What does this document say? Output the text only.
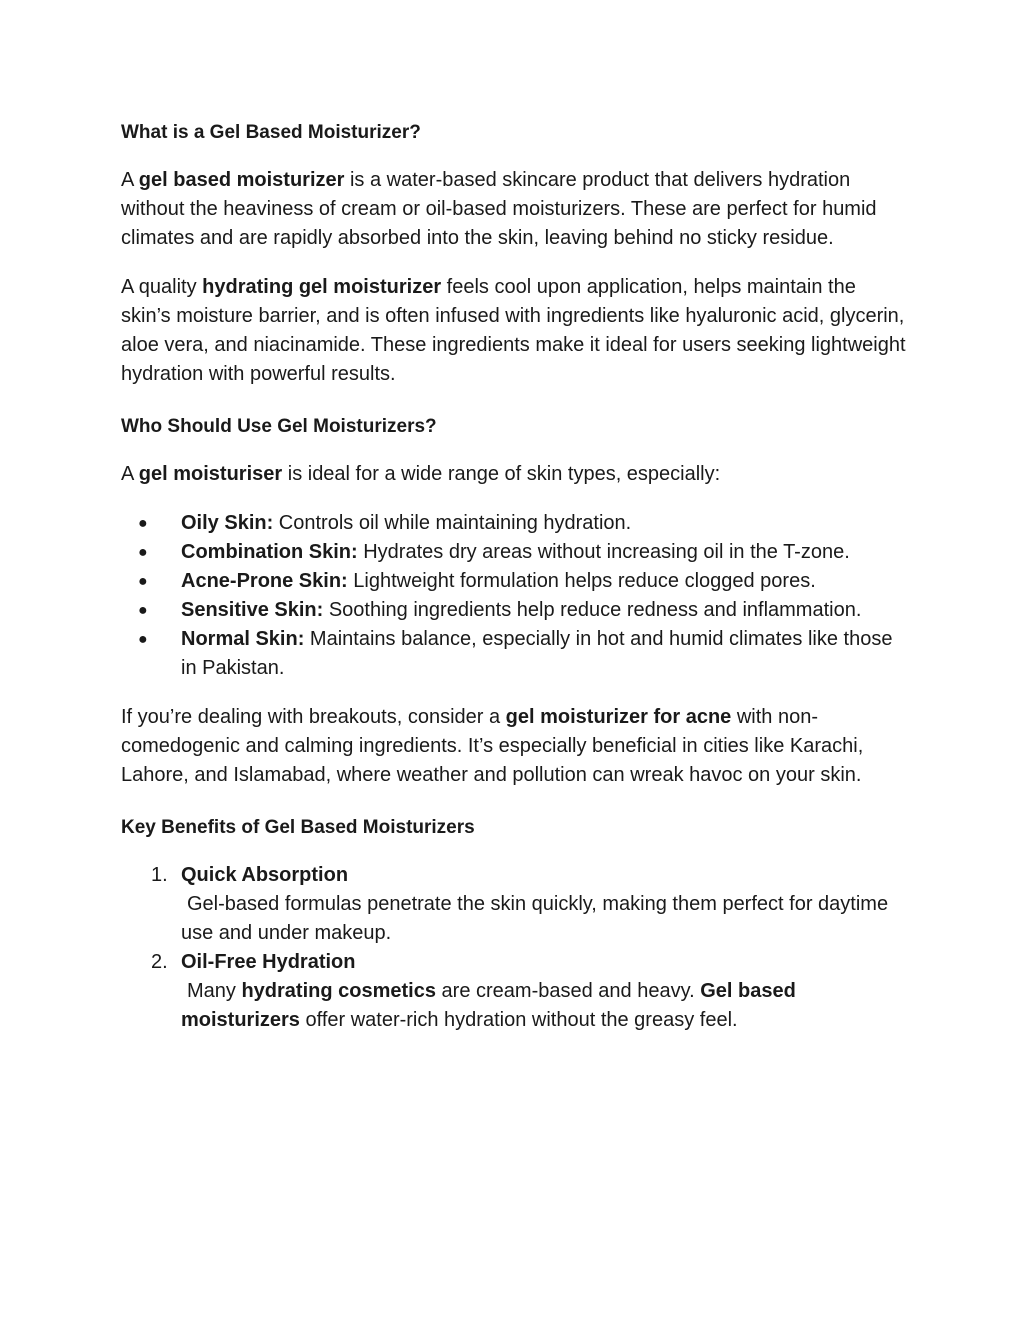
What is a Gel Based Moisturizer?

A gel based moisturizer is a water-based skincare product that delivers hydration without the heaviness of cream or oil-based moisturizers. These are perfect for humid climates and are rapidly absorbed into the skin, leaving behind no sticky residue.

A quality hydrating gel moisturizer feels cool upon application, helps maintain the skin’s moisture barrier, and is often infused with ingredients like hyaluronic acid, glycerin, aloe vera, and niacinamide. These ingredients make it ideal for users seeking lightweight hydration with powerful results.

Who Should Use Gel Moisturizers?

A gel moisturiser is ideal for a wide range of skin types, especially:

● Oily Skin: Controls oil while maintaining hydration.
● Combination Skin: Hydrates dry areas without increasing oil in the T-zone.
● Acne-Prone Skin: Lightweight formulation helps reduce clogged pores.
● Sensitive Skin: Soothing ingredients help reduce redness and inflammation.
● Normal Skin: Maintains balance, especially in hot and humid climates like those in Pakistan.

If you’re dealing with breakouts, consider a gel moisturizer for acne with non-comedogenic and calming ingredients. It’s especially beneficial in cities like Karachi, Lahore, and Islamabad, where weather and pollution can wreak havoc on your skin.

Key Benefits of Gel Based Moisturizers
1. Quick Absorption
Gel-based formulas penetrate the skin quickly, making them perfect for daytime use and under makeup.
2. Oil-Free Hydration
Many hydrating cosmetics are cream-based and heavy. Gel based moisturizers offer water-rich hydration without the greasy feel.
